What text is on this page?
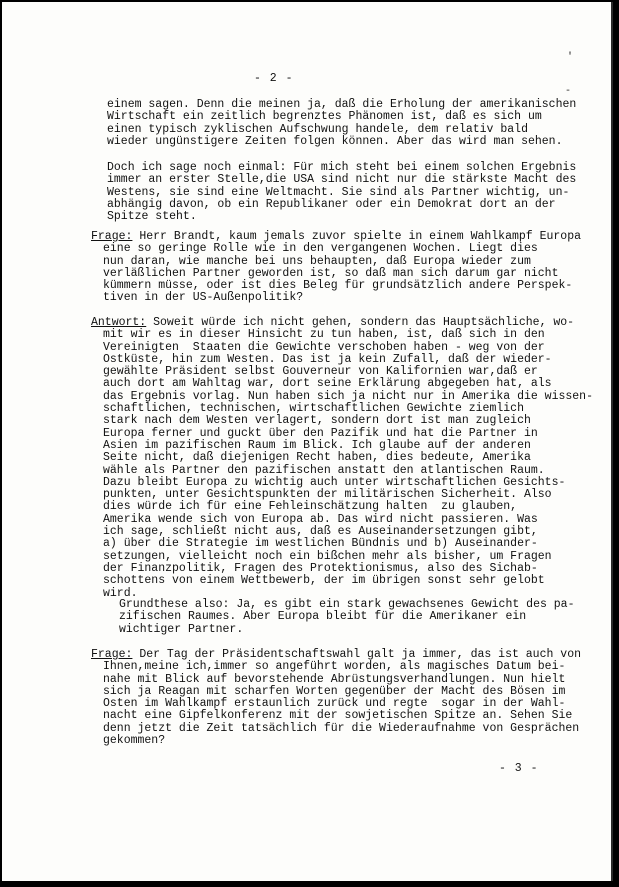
'
- 2 -
-
einem sagen. Denn die meinen ja, daß die Erholung der amerikanischen
Wirtschaft ein zeitlich begrenztes Phänomen ist, daß es sich um
einen typisch zyklischen Aufschwung handele, dem relativ bald
wieder ungünstigere Zeiten folgen können. Aber das wird man sehen.
Doch ich sage noch einmal: Für mich steht bei einem solchen Ergebnis
immer an erster Stelle,die USA sind nicht nur die stärkste Macht des
Westens, sie sind eine Weltmacht. Sie sind als Partner wichtig, un-
abhängig davon, ob ein Republikaner oder ein Demokrat dort an der
Spitze steht.
Frage: Herr Brandt, kaum jemals zuvor spielte in einem Wahlkampf Europa
eine so geringe Rolle wie in den vergangenen Wochen. Liegt dies
nun daran, wie manche bei uns behaupten, daß Europa wieder zum
verläßlichen Partner geworden ist, so daß man sich darum gar nicht
kümmern müsse, oder ist dies Beleg für grundsätzlich andere Perspek-
tiven in der US-Außenpolitik?
Antwort: Soweit würde ich nicht gehen, sondern das Hauptsächliche, wo-
mit wir es in dieser Hinsicht zu tun haben, ist, daß sich in den
Vereinigten  Staaten die Gewichte verschoben haben - weg von der
Ostküste, hin zum Westen. Das ist ja kein Zufall, daß der wieder-
gewählte Präsident selbst Gouverneur von Kalifornien war,daß er
auch dort am Wahltag war, dort seine Erklärung abgegeben hat, als
das Ergebnis vorlag. Nun haben sich ja nicht nur in Amerika die wissen-
schaftlichen, technischen, wirtschaftlichen Gewichte ziemlich
stark nach dem Westen verlagert, sondern dort ist man zugleich
Europa ferner und guckt über den Pazifik und hat die Partner in
Asien im pazifischen Raum im Blick. Ich glaube auf der anderen
Seite nicht, daß diejenigen Recht haben, dies bedeute, Amerika
wähle als Partner den pazifischen anstatt den atlantischen Raum.
Dazu bleibt Europa zu wichtig auch unter wirtschaftlichen Gesichts-
punkten, unter Gesichtspunkten der militärischen Sicherheit. Also
dies würde ich für eine Fehleinschätzung halten  zu glauben,
Amerika wende sich von Europa ab. Das wird nicht passieren. Was
ich sage, schließt nicht aus, daß es Auseinandersetzungen gibt,
a) über die Strategie im westlichen Bündnis und b) Auseinander-
setzungen, vielleicht noch ein bißchen mehr als bisher, um Fragen
der Finanzpolitik, Fragen des Protektionismus, also des Sichab-
schottens von einem Wettbewerb, der im übrigen sonst sehr gelobt
wird.
Grundthese also: Ja, es gibt ein stark gewachsenes Gewicht des pa-
zifischen Raumes. Aber Europa bleibt für die Amerikaner ein
wichtiger Partner.
Frage: Der Tag der Präsidentschaftswahl galt ja immer, das ist auch von
Ihnen,meine ich,immer so angeführt worden, als magisches Datum bei-
nahe mit Blick auf bevorstehende Abrüstungsverhandlungen. Nun hielt
sich ja Reagan mit scharfen Worten gegenüber der Macht des Bösen im
Osten im Wahlkampf erstaunlich zurück und regte  sogar in der Wahl-
nacht eine Gipfelkonferenz mit der sowjetischen Spitze an. Sehen Sie
denn jetzt die Zeit tatsächlich für die Wiederaufnahme von Gesprächen
gekommen?
- 3 -
